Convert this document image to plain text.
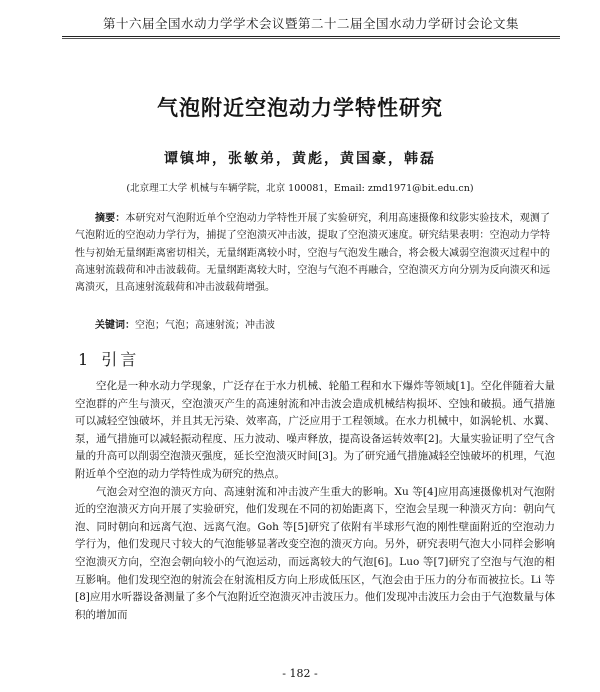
第十六届全国水动力学学术会议暨第二十二届全国水动力学研讨会论文集
气泡附近空泡动力学特性研究
谭镇坤，张敏弟，黄彪，黄国豪，韩磊
(北京理工大学 机械与车辆学院，北京 100081，Email: zmd1971@bit.edu.cn)
摘要：本研究对气泡附近单个空泡动力学特性开展了实验研究，利用高速摄像和纹影实验技术，观测了气泡附近的空泡动力学行为，捕捉了空泡溃灭冲击波，提取了空泡溃灭速度。研究结果表明：空泡动力学特性与初始无量纲距离密切相关，无量纲距离较小时，空泡与气泡发生融合，将会极大减弱空泡溃灭过程中的高速射流载荷和冲击波载荷。无量纲距离较大时，空泡与气泡不再融合，空泡溃灭方向分别为反向溃灭和远离溃灭，且高速射流载荷和冲击波载荷增强。
关键词：空泡；气泡；高速射流；冲击波
1 引言

空化是一种水动力学现象，广泛存在于水力机械、轮船工程和水下爆炸等领域[1]。空化伴随着大量空泡群的产生与溃灭，空泡溃灭产生的高速射流和冲击波会造成机械结构损坏、空蚀和破损。通气措施可以减轻空蚀破坏，并且其无污染、效率高，广泛应用于工程领域。在水力机械中，如涡轮机、水翼、泵，通气措施可以减轻振动程度、压力波动、噪声释放，提高设备运转效率[2]。大量实验证明了空气含量的升高可以削弱空泡溃灭强度，延长空泡溃灭时间[3]。为了研究通气措施减轻空蚀破坏的机理，气泡附近单个空泡的动力学特性成为研究的热点。

气泡会对空泡的溃灭方向、高速射流和冲击波产生重大的影响。Xu 等[4]应用高速摄像机对气泡附近的空泡溃灭方向开展了实验研究，他们发现在不同的初始距离下，空泡会呈现一种溃灭方向：朝向气泡、同时朝向和远离气泡、远离气泡。Goh 等[5]研究了依附有半球形气泡的刚性壁面附近的空泡动力学行为，他们发现尺寸较大的气泡能够显著改变空泡的溃灭方向。另外，研究表明气泡大小同样会影响空泡溃灭方向，空泡会朝向较小的气泡运动，而远离较大的气泡[6]。Luo 等[7]研究了空泡与气泡的相互影响。他们发现空泡的射流会在射流相反方向上形成低压区，气泡会由于压力的分布而被拉长。Li 等[8]应用水听器设备测量了多个气泡附近空泡溃灭冲击波压力。他们发现冲击波压力会由于气泡数量与体积的增加而

- 182 -
